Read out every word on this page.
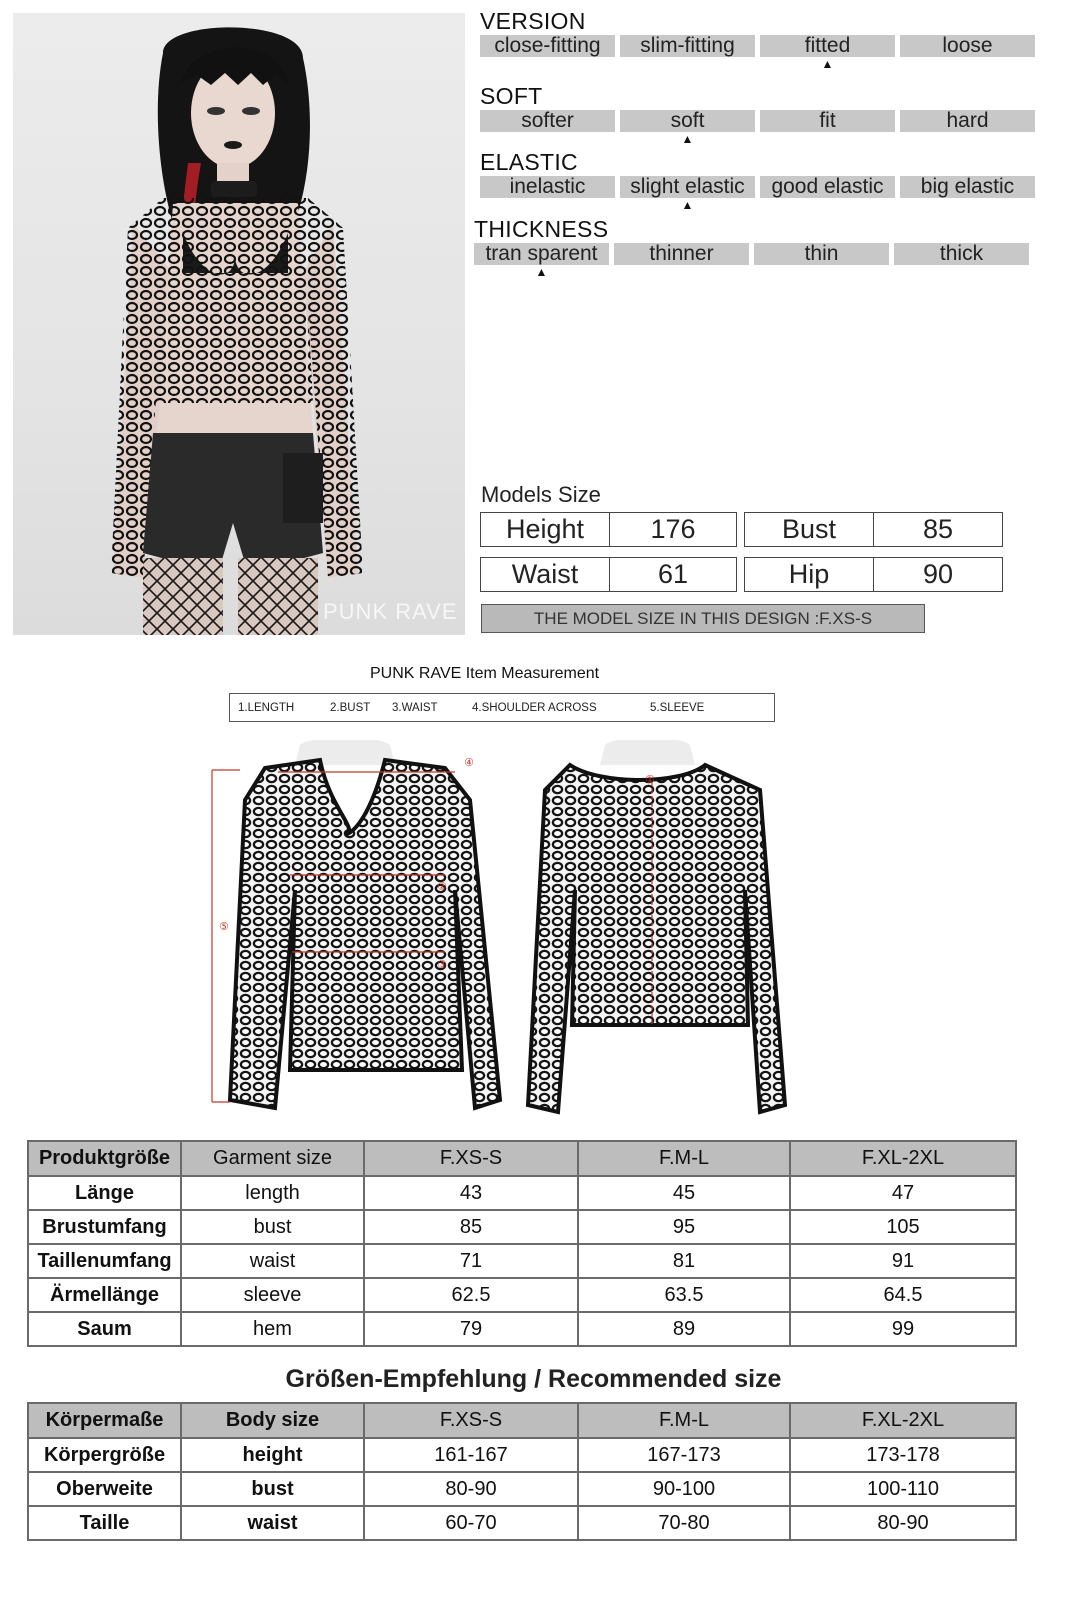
PUNK RAVE
VERSION
close-fitting	slim-fitting	fitted	loose
▲
SOFT
softer	soft	fit	hard
▲
ELASTIC
inelastic	slight elastic	good elastic	big elastic
▲
THICKNESS
tran sparent	thinner	thin	thick
▲
Models Size
Height	176		Bust	85
Waist	61		Hip	90
THE MODEL SIZE IN THIS DESIGN :F.XS-S
PUNK RAVE Item Measurement
1.LENGTH	2.BUST 3.WAIST	4.SHOULDER ACROSS	5.SLEEVE
④
②
③
⑤
①
Produktgröße	Garment size	F.XS-S	F.M-L	F.XL-2XL
Länge	length	43	45	47
Brustumfang	bust	85	95	105
Taillenumfang	waist	71	81	91
Ärmellänge	sleeve	62.5	63.5	64.5
Saum	hem	79	89	99
Größen-Empfehlung / Recommended size
Körpermaße	Body size	F.XS-S	F.M-L	F.XL-2XL
Körpergröße	height	161-167	167-173	173-178
Oberweite	bust	80-90	90-100	100-110
Taille	waist	60-70	70-80	80-90
